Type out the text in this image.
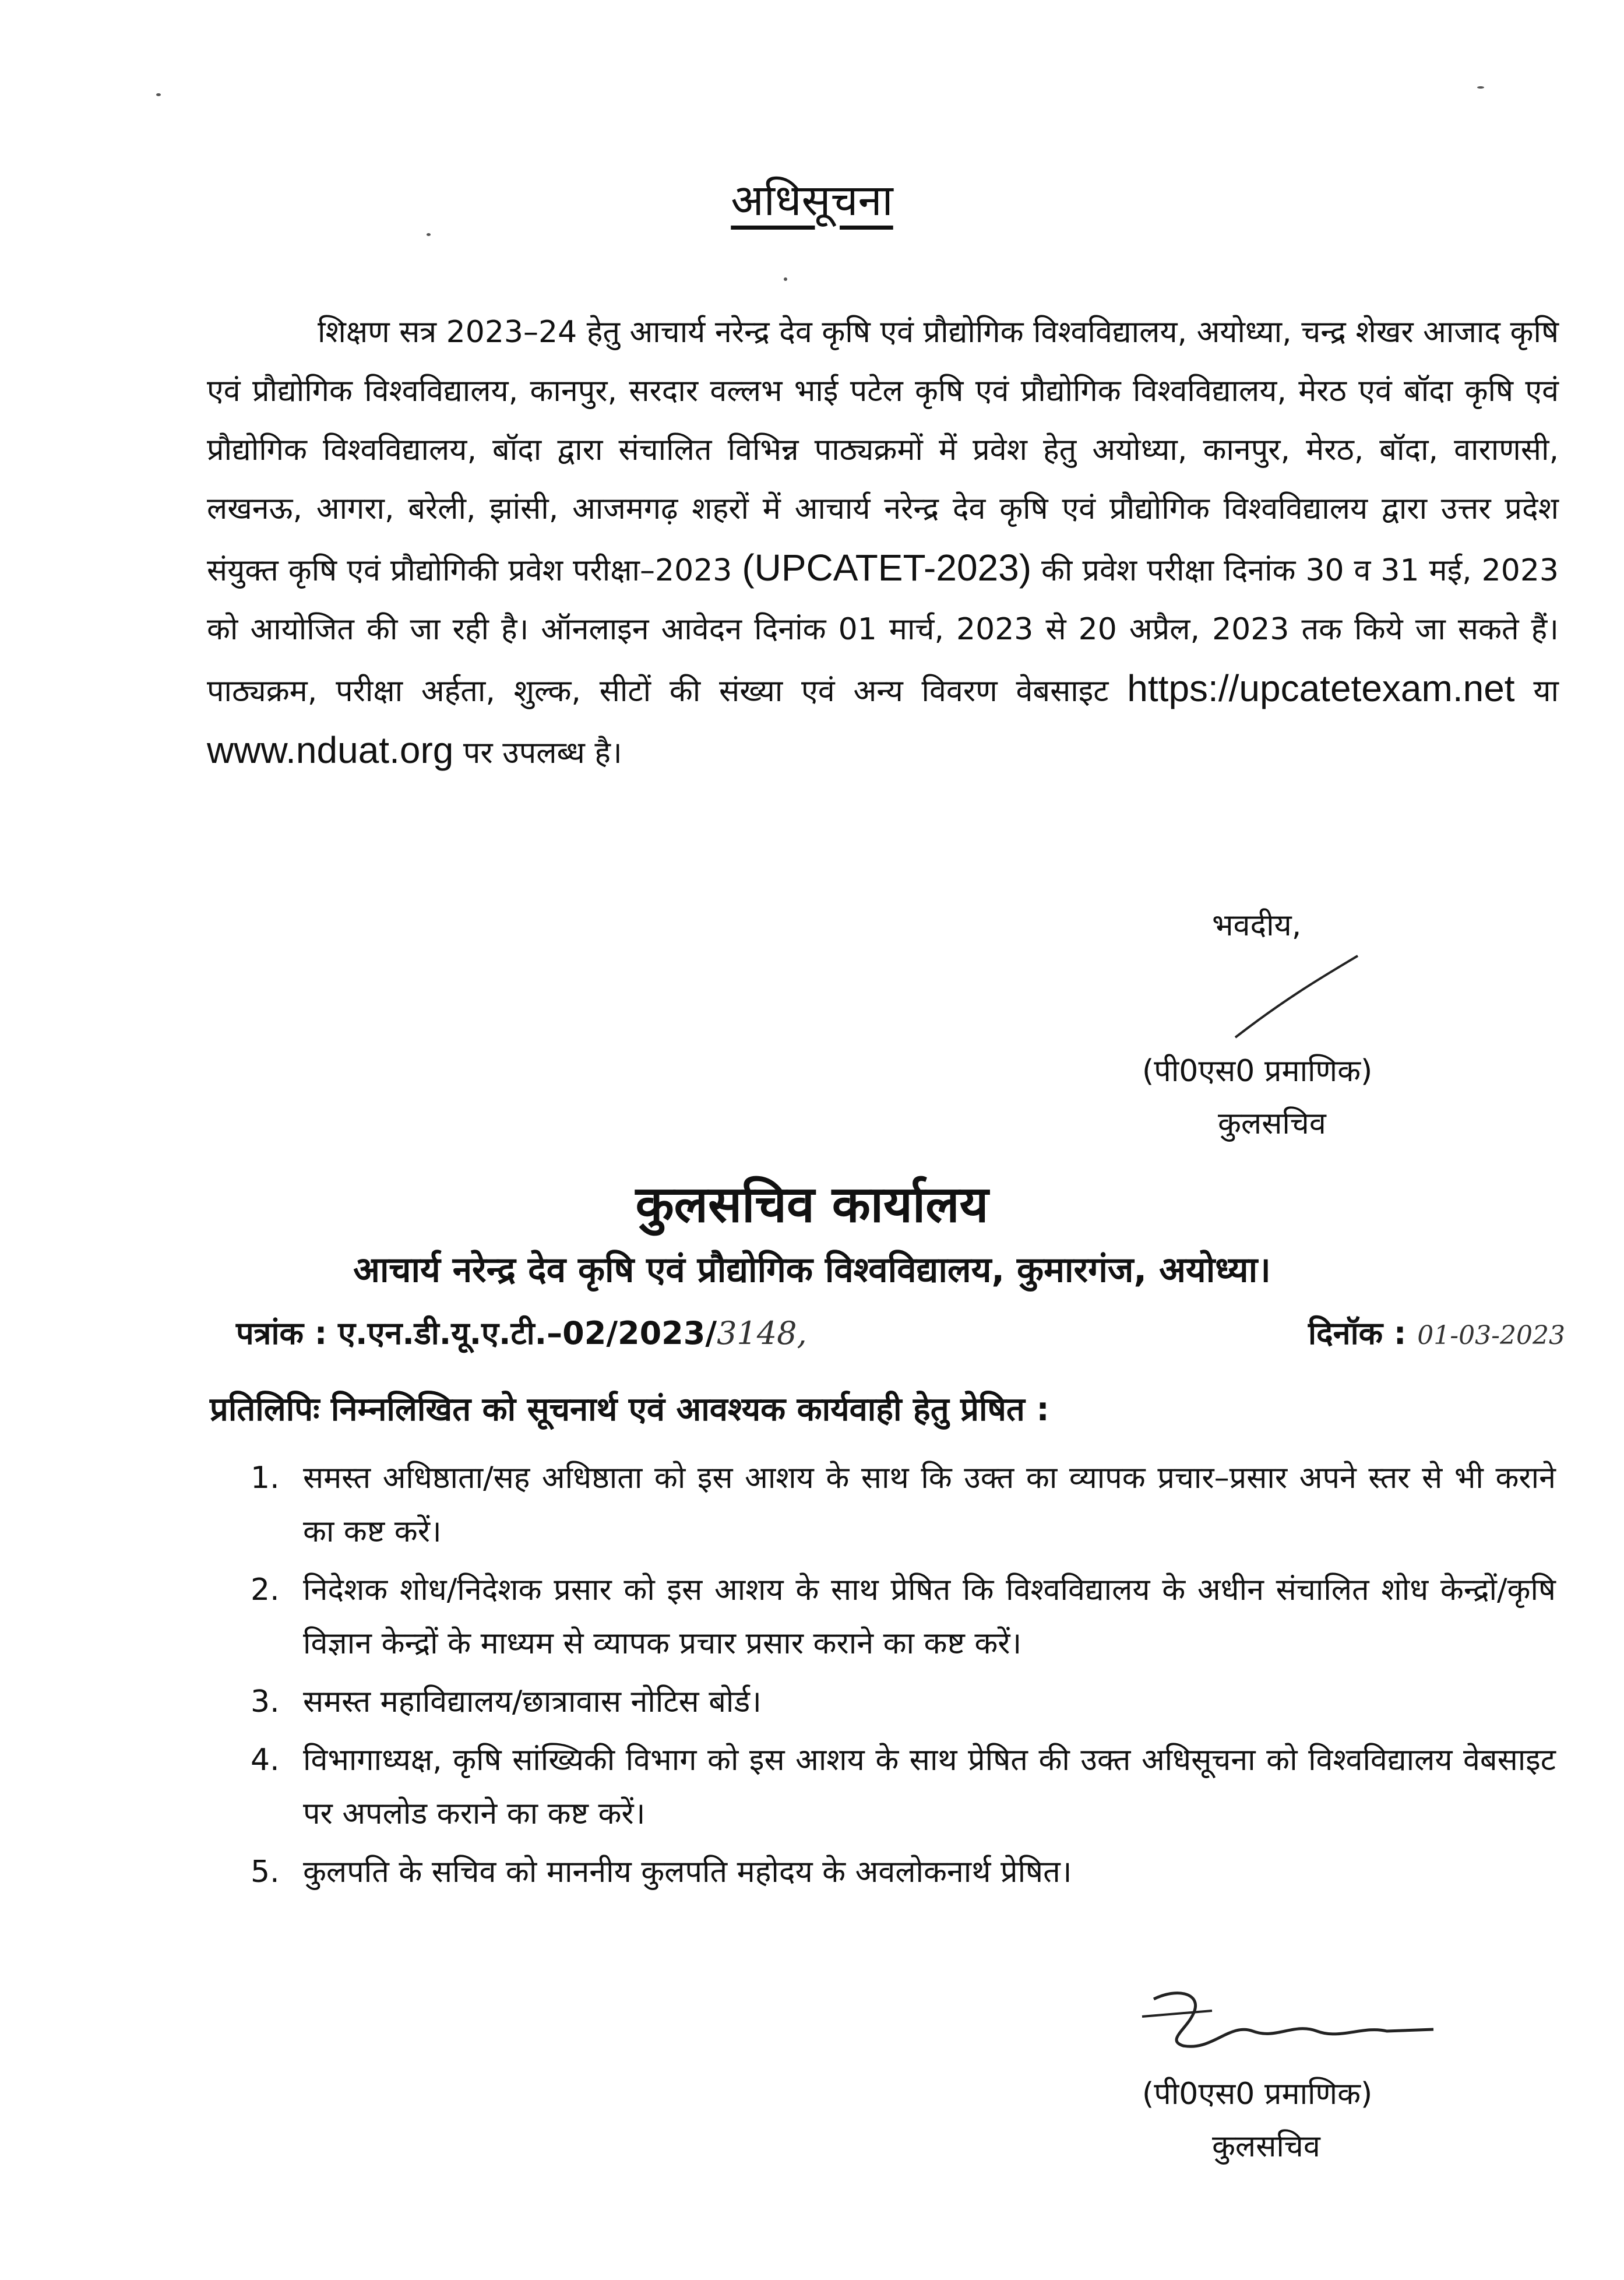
अधिसूचना
शिक्षण सत्र 2023–24 हेतु आचार्य नरेन्द्र देव कृषि एवं प्रौद्योगिक विश्वविद्यालय, अयोध्या, चन्द्र शेखर आजाद कृषि एवं प्रौद्योगिक विश्वविद्यालय, कानपुर, सरदार वल्लभ भाई पटेल कृषि एवं प्रौद्योगिक विश्वविद्यालय, मेरठ एवं बॉदा कृषि एवं प्रौद्योगिक विश्वविद्यालय, बॉदा द्वारा संचालित विभिन्न पाठ्यक्रमों में प्रवेश हेतु अयोध्या, कानपुर, मेरठ, बॉदा, वाराणसी, लखनऊ, आगरा, बरेली, झांसी, आजमगढ़ शहरों में आचार्य नरेन्द्र देव कृषि एवं प्रौद्योगिक विश्वविद्यालय द्वारा उत्तर प्रदेश संयुक्त कृषि एवं प्रौद्योगिकी प्रवेश परीक्षा–2023 (UPCATET-2023) की प्रवेश परीक्षा दिनांक 30 व 31 मई, 2023 को आयोजित की जा रही है। ऑनलाइन आवेदन दिनांक 01 मार्च, 2023 से 20 अप्रैल, 2023 तक किये जा सकते हैं। पाठ्यक्रम, परीक्षा अर्हता, शुल्क, सीटों की संख्या एवं अन्य विवरण वेबसाइट https://upcatetexam.net या www.nduat.org पर उपलब्ध है।
भवदीय,
(पी0एस0 प्रमाणिक)
कुलसचिव
कुलसचिव कार्यालय
आचार्य नरेन्द्र देव कृषि एवं प्रौद्योगिक विश्वविद्यालय, कुमारगंज, अयोध्या।
पत्रांक : ए.एन.डी.यू.ए.टी.–02/2023/3148,	दिनॉक : 01-03-2023
प्रतिलिपिः निम्नलिखित को सूचनार्थ एवं आवश्यक कार्यवाही हेतु प्रेषित :
1. समस्त अधिष्ठाता/सह अधिष्ठाता को इस आशय के साथ कि उक्त का व्यापक प्रचार–प्रसार अपने स्तर से भी कराने का कष्ट करें।
2. निदेशक शोध/निदेशक प्रसार को इस आशय के साथ प्रेषित कि विश्वविद्यालय के अधीन संचालित शोध केन्द्रों/कृषि विज्ञान केन्द्रों के माध्यम से व्यापक प्रचार प्रसार कराने का कष्ट करें।
3. समस्त महाविद्यालय/छात्रावास नोटिस बोर्ड।
4. विभागाध्यक्ष, कृषि सांख्यिकी विभाग को इस आशय के साथ प्रेषित की उक्त अधिसूचना को विश्वविद्यालय वेबसाइट पर अपलोड कराने का कष्ट करें।
5. कुलपति के सचिव को माननीय कुलपति महोदय के अवलोकनार्थ प्रेषित।
(पी0एस0 प्रमाणिक)
कुलसचिव
